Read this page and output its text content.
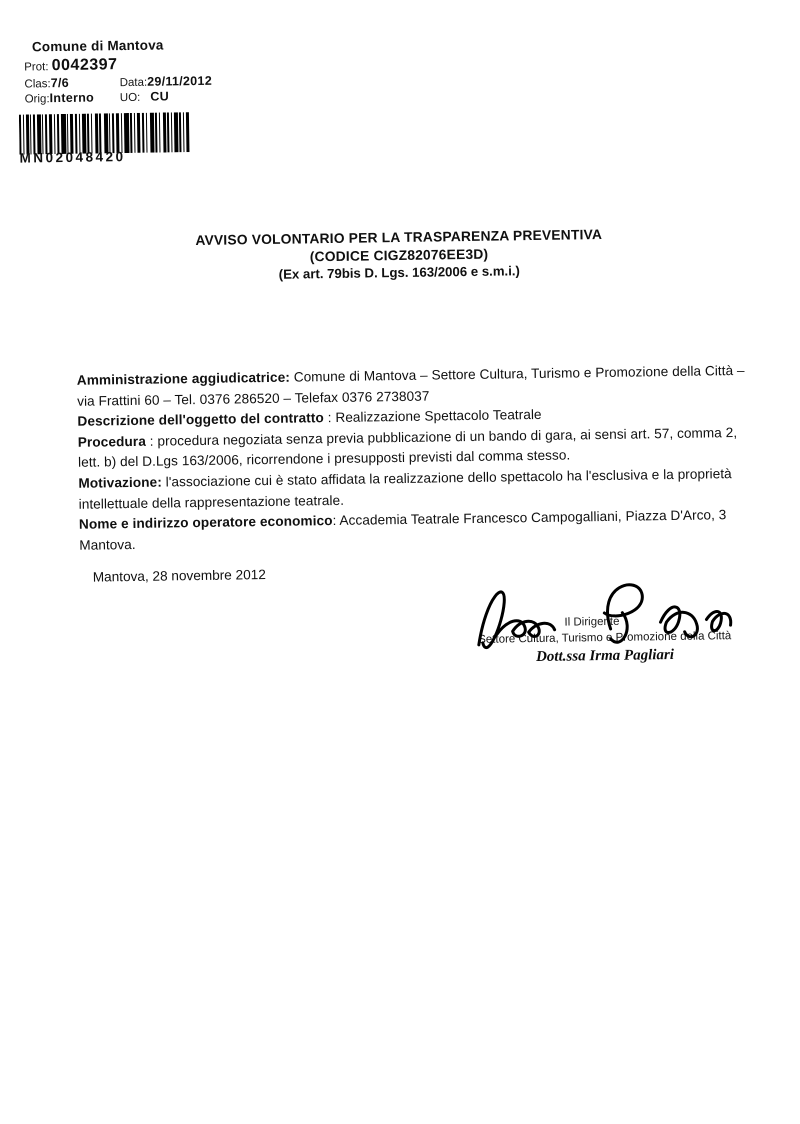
Comune di Mantova
Prot: 0042397
Clas:7/6	Data:29/11/2012
Orig:Interno UO: CU
MN02048420
AVVISO VOLONTARIO PER LA TRASPARENZA PREVENTIVA
(CODICE CIGZ82076EE3D)
(Ex art. 79bis D. Lgs. 163/2006 e s.m.i.)

Amministrazione aggiudicatrice: Comune di Mantova – Settore Cultura, Turismo e Promozione della Città – via Frattini 60 – Tel. 0376 286520 – Telefax 0376 2738037

Descrizione dell'oggetto del contratto : Realizzazione Spettacolo Teatrale

Procedura : procedura negoziata senza previa pubblicazione di un bando di gara, ai sensi art. 57, comma 2, lett. b) del D.Lgs 163/2006, ricorrendone i presupposti previsti dal comma stesso.

Motivazione: l'associazione cui è stato affidata la realizzazione dello spettacolo ha l'esclusiva e la proprietà intellettuale della rappresentazione teatrale.

Nome e indirizzo operatore economico: Accademia Teatrale Francesco Campogalliani, Piazza D'Arco, 3 Mantova.

Mantova, 28 novembre 2012
Il Dirigente
Settore Cultura, Turismo e Promozione della Città
Dott.ssa Irma Pagliari
